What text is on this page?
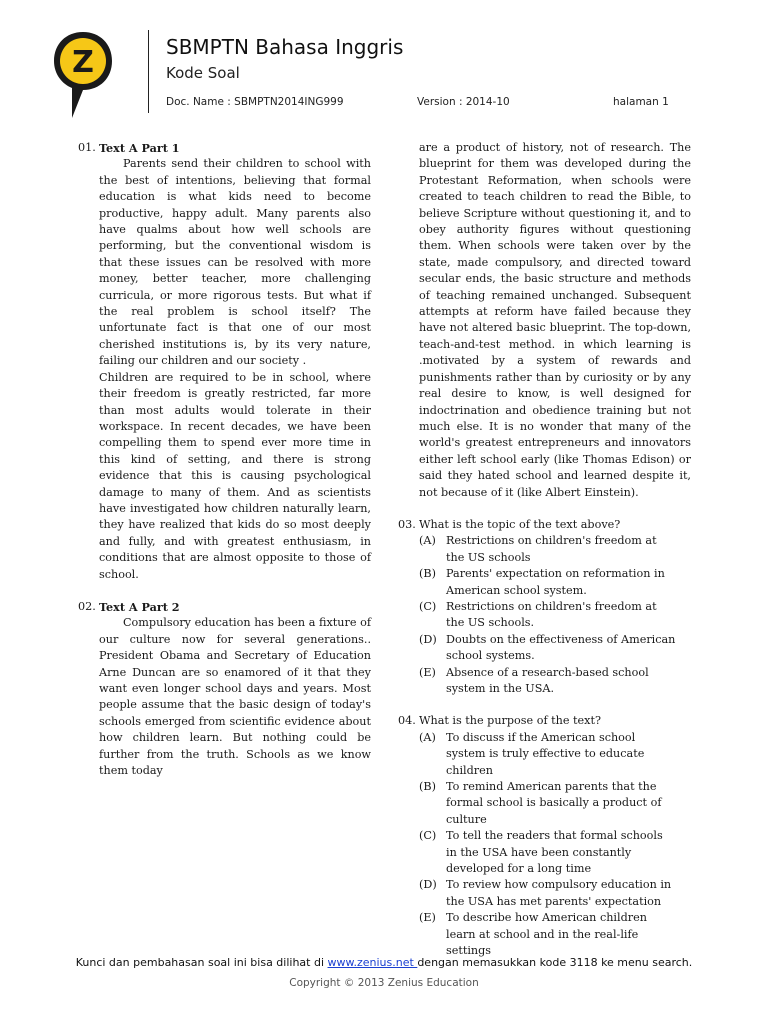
Z	SBMPTN Bahasa Inggris
Kode Soal
Doc. Name : SBMPTN2014ING999	Version : 2014-10	halaman 1
01. Text A Part 1

Parents send their children to school with the best of intentions, believing that formal education is what kids need to become productive, happy adult. Many parents also have qualms about how well schools are performing, but the conventional wisdom is that these issues can be resolved with more money, better teacher, more challenging curricula, or more rigorous tests. But what if the real problem is school itself? The unfortunate fact is that one of our most cherished institutions is, by its very nature, failing our children and our society .

Children are required to be in school, where their freedom is greatly restricted, far more than most adults would tolerate in their workspace. In recent decades, we have been compelling them to spend ever more time in this kind of setting, and there is strong evidence that this is causing psychological damage to many of them. And as scientists have investigated how children naturally learn, they have realized that kids do so most deeply and fully, and with greatest enthusiasm, in conditions that are almost opposite to those of school.

02. Text A Part 2

Compulsory education has been a fixture of our culture now for several generations.. President Obama and Secretary of Education Arne Duncan are so enamored of it that they want even longer school days and years. Most people assume that the basic design of today's schools emerged from scientific evidence about how children learn. But nothing could be further from the truth. Schools as we know them today

are a product of history, not of research. The blueprint for them was developed during the Protestant Reformation, when schools were created to teach children to read the Bible, to believe Scripture without questioning it, and to obey authority figures without questioning them. When schools were taken over by the state, made compulsory, and directed toward secular ends, the basic structure and methods of teaching remained unchanged. Subsequent attempts at reform have failed because they have not altered basic blueprint. The top-down, teach-and-test method. in which learning is .motivated by a system of rewards and punishments rather than by curiosity or by any real desire to know, is well designed for indoctrination and obedience training but not much else. It is no wonder that many of the world's greatest entrepreneurs and innovators either left school early (like Thomas Edison) or said they hated school and learned despite it, not because of it (like Albert Einstein).

03. What is the topic of the text above?
(A) Restrictions on children's freedom at the US schools
(B) Parents' expectation on reformation in American school system.
(C) Restrictions on children's freedom at the US schools.
(D) Doubts on the effectiveness of American school systems.
(E) Absence of a research-based school system in the USA.
04. What is the purpose of the text?
(A) To discuss if the American school system is truly effective to educate children
(B) To remind American parents that the formal school is basically a product of culture
(C) To tell the readers that formal schools in the USA have been constantly developed for a long time
(D) To review how compulsory education in the USA has met parents' expectation
(E) To describe how American children learn at school and in the real-life settings
Kunci dan pembahasan soal ini bisa dilihat di www.zenius.net dengan memasukkan kode 3118 ke menu search.
Copyright © 2013 Zenius Education
